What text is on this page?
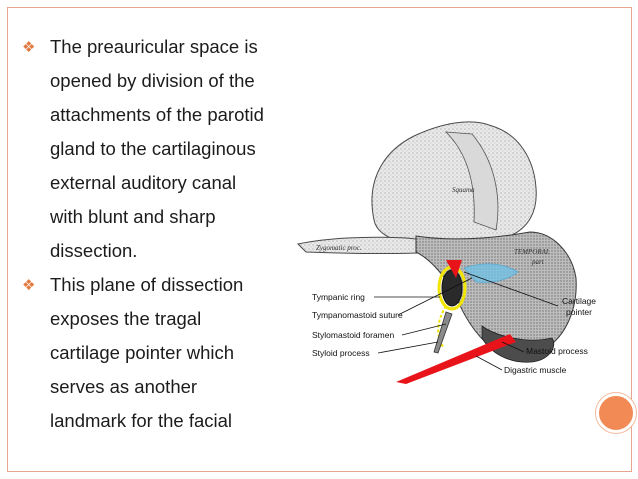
❖ The preauricular space is

opened by division of the

attachments of the parotid

gland to the cartilaginous

external auditory canal

with blunt and sharp

dissection.

❖ This plane of dissection

exposes the tragal

cartilage pointer which

serves as another

landmark for the facial

Squama
Zygomatic proc.	TEMPORAL
part
Tympanic ring
Tympanomastoid suture
Stylomastoid foramen
Styloid process
Cartilage
pointer
Mastoid process
Digastric muscle
